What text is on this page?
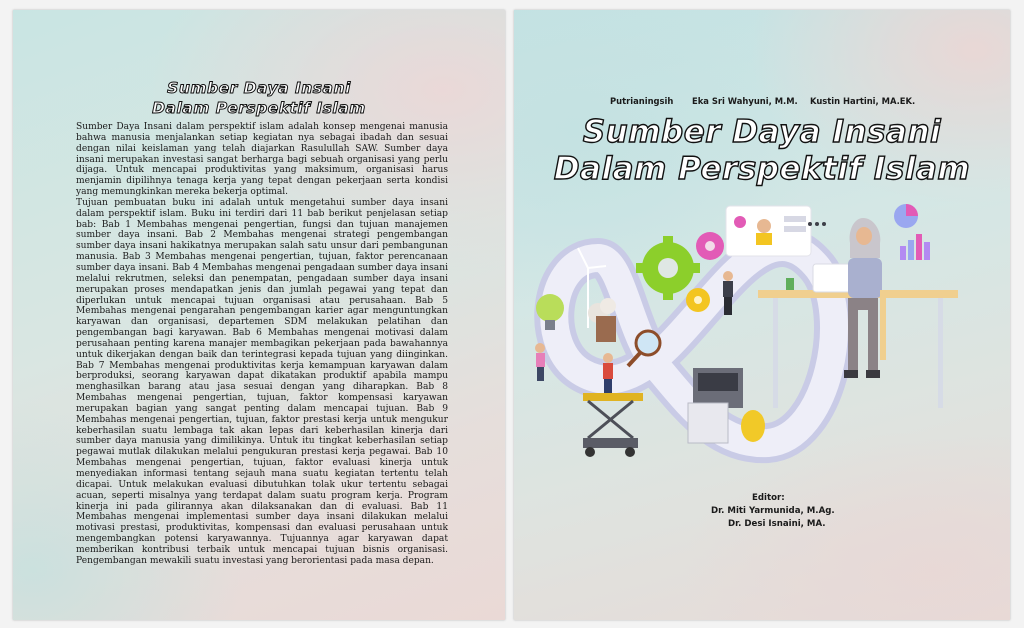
Sumber Daya Insani
Dalam Perspektif Islam

Sumber Daya Insani dalam perspektif islam adalah konsep mengenai manusia bahwa manusia menjalankan setiap kegiatan nya sebagai ibadah dan sesuai dengan nilai keislaman yang telah diajarkan Rasulullah SAW. Sumber daya insani merupakan investasi sangat berharga bagi sebuah organisasi yang perlu dijaga. Untuk mencapai produktivitas yang maksimum, organisasi harus menjamin dipilihnya tenaga kerja yang tepat dengan pekerjaan serta kondisi yang memungkinkan mereka bekerja optimal.

Tujuan pembuatan buku ini adalah untuk mengetahui sumber daya insani dalam perspektif islam. Buku ini terdiri dari 11 bab berikut penjelasan setiap bab: Bab 1 Membahas mengenai pengertian, fungsi dan tujuan manajemen sumber daya insani. Bab 2 Membahas mengenai strategi pengembangan sumber daya insani hakikatnya merupakan salah satu unsur dari pembangunan manusia. Bab 3 Membahas mengenai pengertian, tujuan, faktor perencanaan sumber daya insani. Bab 4 Membahas mengenai pengadaan sumber daya insani melalui rekrutmen, seleksi dan penempatan, pengadaan sumber daya insani merupakan proses mendapatkan jenis dan jumlah pegawai yang tepat dan diperlukan untuk mencapai tujuan organisasi atau perusahaan. Bab 5 Membahas mengenai pengarahan pengembangan karier agar menguntungkan karyawan dan organisasi, departemen SDM melakukan pelatihan dan pengembangan bagi karyawan. Bab 6 Membahas mengenai motivasi dalam perusahaan penting karena manajer membagikan pekerjaan pada bawahannya untuk dikerjakan dengan baik dan terintegrasi kepada tujuan yang diinginkan. Bab 7 Membahas mengenai produktivitas kerja kemampuan karyawan dalam berproduksi, seorang karyawan dapat dikatakan produktif apabila mampu menghasilkan barang atau jasa sesuai dengan yang diharapkan. Bab 8 Membahas mengenai pengertian, tujuan, faktor kompensasi karyawan merupakan bagian yang sangat penting dalam mencapai tujuan. Bab 9 Membahas mengenai pengertian, tujuan, faktor prestasi kerja untuk mengukur keberhasilan suatu lembaga tak akan lepas dari keberhasilan kinerja dari sumber daya manusia yang dimilikinya. Untuk itu tingkat keberhasilan setiap pegawai mutlak dilakukan melalui pengukuran prestasi kerja pegawai. Bab 10 Membahas mengenai pengertian, tujuan, faktor evaluasi kinerja untuk menyediakan informasi tentang sejauh mana suatu kegiatan tertentu telah dicapai. Untuk melakukan evaluasi dibutuhkan tolak ukur tertentu sebagai acuan, seperti misalnya yang terdapat dalam suatu program kerja. Program kinerja ini pada gilirannya akan dilaksanakan dan di evaluasi. Bab 11 Membahas mengenai implementasi sumber daya insani dilakukan melalui motivasi prestasi, produktivitas, kompensasi dan evaluasi perusahaan untuk mengembangkan potensi karyawannya. Tujuannya agar karyawan dapat memberikan kontribusi terbaik untuk mencapai tujuan bisnis organisasi. Pengembangan mewakili suatu investasi yang berorientasi pada masa depan.

Putrianingsih Eka Sri Wahyuni, M.M. Kustin Hartini, MA.EK.
Sumber Daya Insani
Dalam Perspektif Islam
Editor:
Dr. Miti Yarmunida, M.Ag.
Dr. Desi Isnaini, MA.
